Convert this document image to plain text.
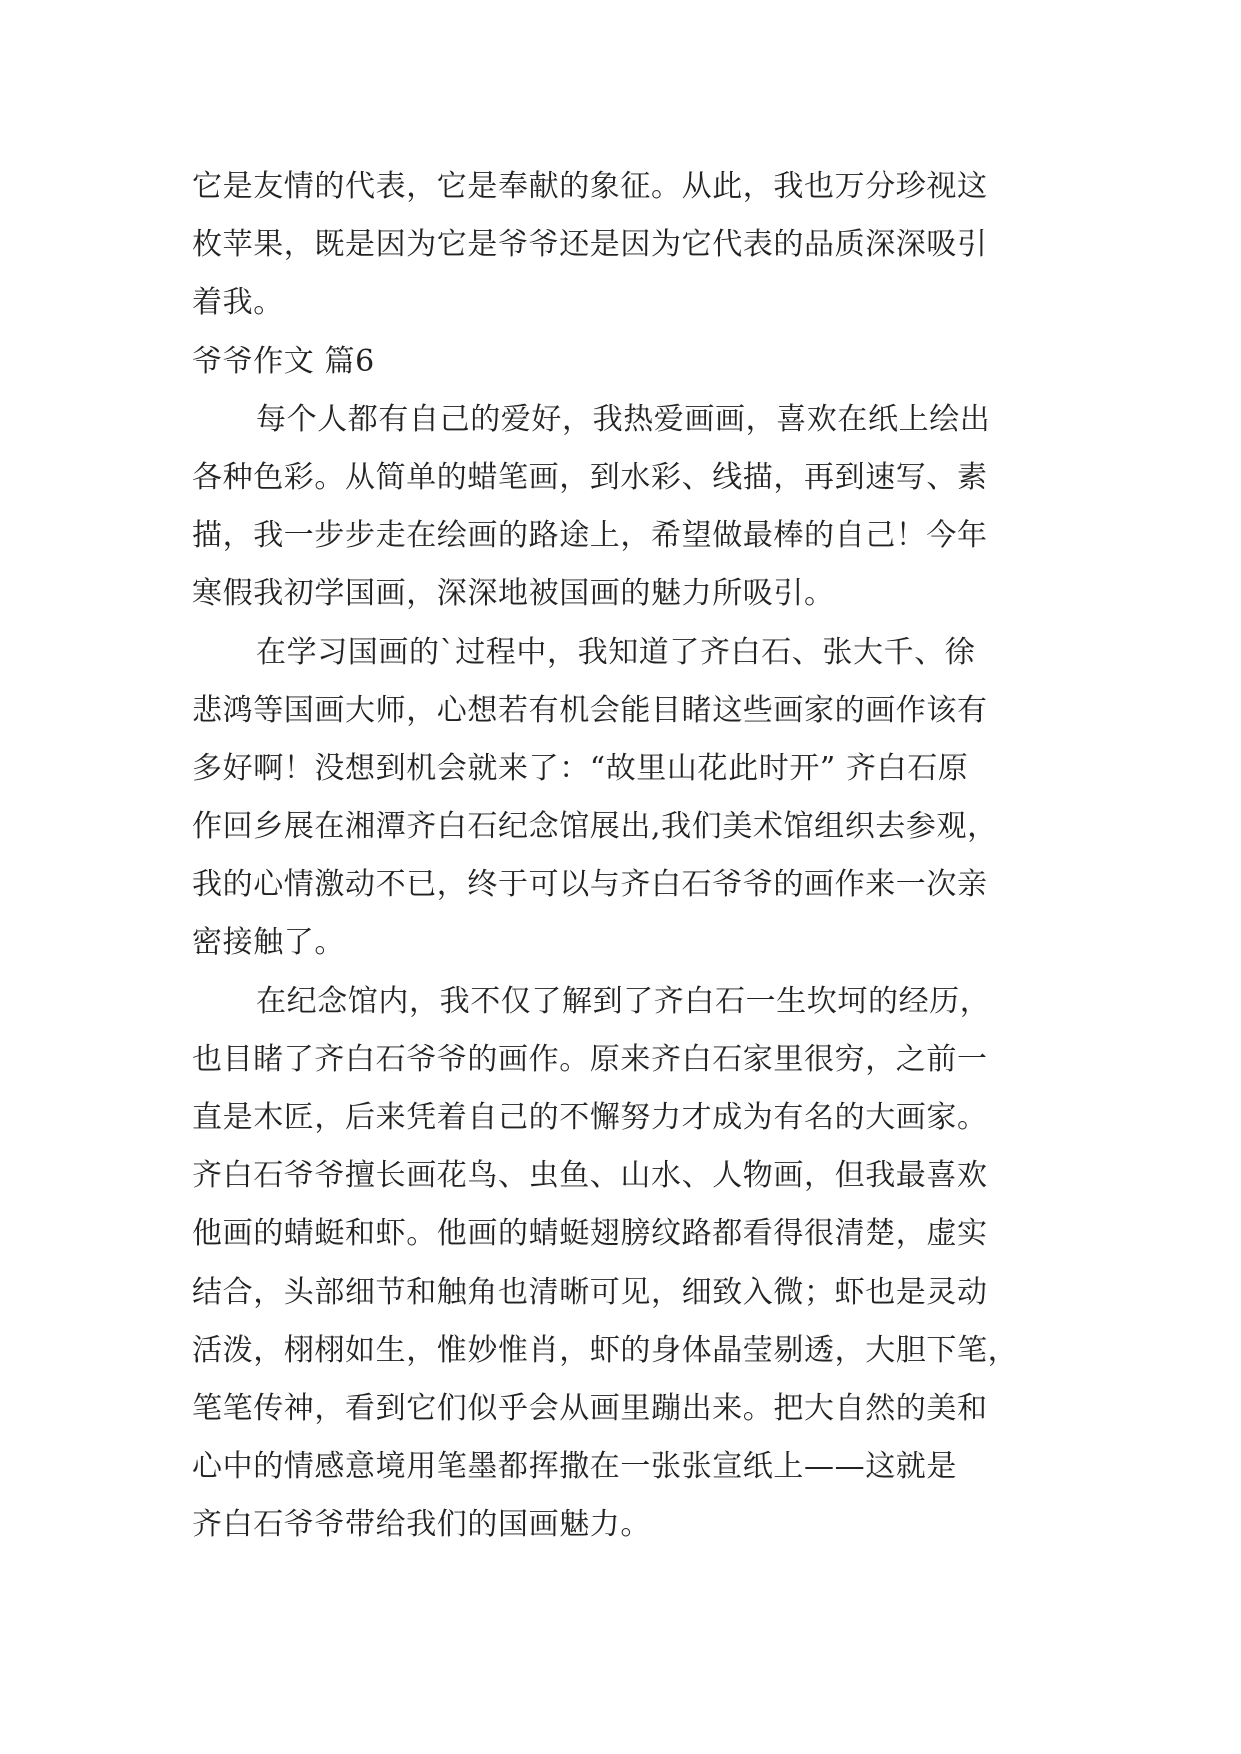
它是友情的代表，它是奉献的象征。从此，我也万分珍视这
枚苹果，既是因为它是爷爷还是因为它代表的品质深深吸引
着我。
爷爷作文 篇6
每个人都有自己的爱好，我热爱画画，喜欢在纸上绘出
各种色彩。从简单的蜡笔画，到水彩、线描，再到速写、素
描，我一步步走在绘画的路途上，希望做最棒的自己！今年
寒假我初学国画，深深地被国画的魅力所吸引。
在学习国画的`过程中，我知道了齐白石、张大千、徐
悲鸿等国画大师，心想若有机会能目睹这些画家的画作该有
多好啊！没想到机会就来了：“故里山花此时开” 齐白石原
作回乡展在湘潭齐白石纪念馆展出,我们美术馆组织去参观，
我的心情激动不已，终于可以与齐白石爷爷的画作来一次亲
密接触了。
在纪念馆内，我不仅了解到了齐白石一生坎坷的经历，
也目睹了齐白石爷爷的画作。原来齐白石家里很穷，之前一
直是木匠，后来凭着自己的不懈努力才成为有名的大画家。
齐白石爷爷擅长画花鸟、虫鱼、山水、人物画，但我最喜欢
他画的蜻蜓和虾。他画的蜻蜓翅膀纹路都看得很清楚，虚实
结合，头部细节和触角也清晰可见，细致入微；虾也是灵动
活泼，栩栩如生，惟妙惟肖，虾的身体晶莹剔透，大胆下笔，
笔笔传神，看到它们似乎会从画里蹦出来。把大自然的美和
心中的情感意境用笔墨都挥撒在一张张宣纸上——这就是
齐白石爷爷带给我们的国画魅力。
